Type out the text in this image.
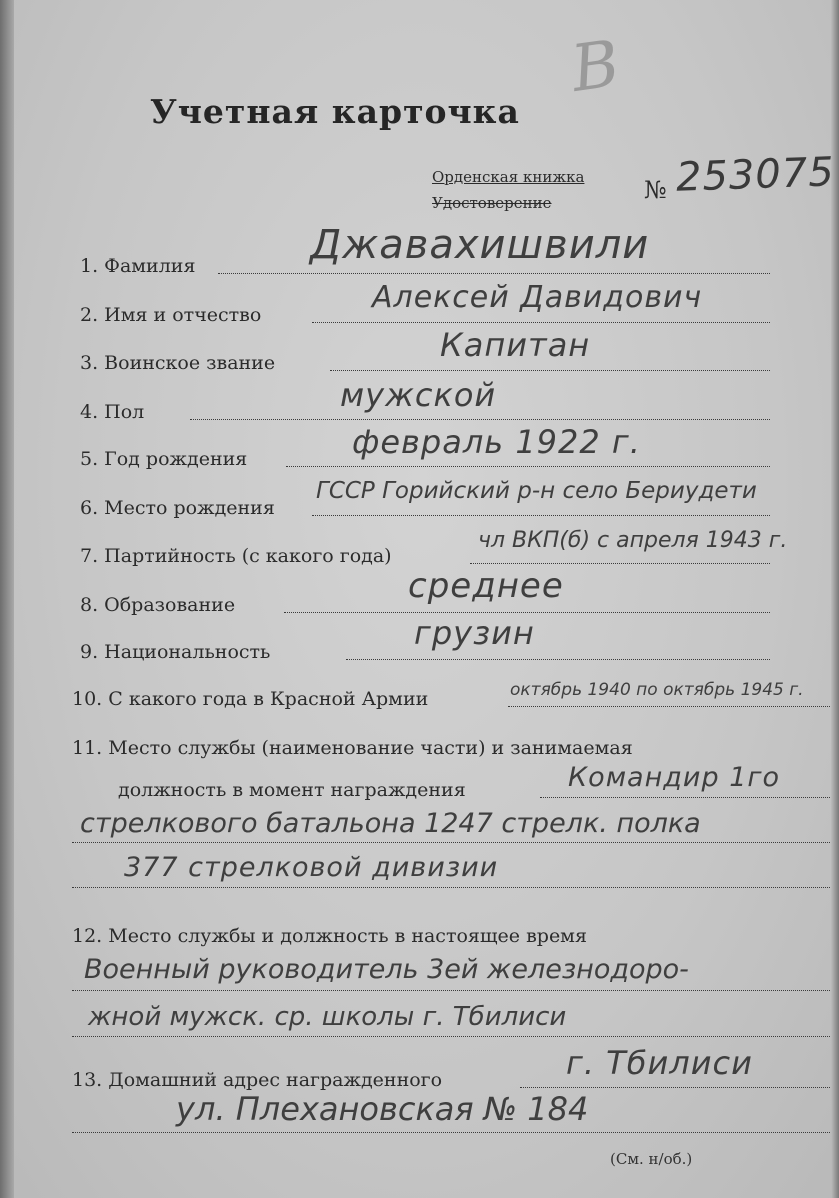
Учетная карточка
В
Орденская книжка
Удостоверение	№ 253075
1. Фамилия	Джавахишвили
2. Имя и отчество	Алексей Давидович
3. Воинское звание	Капитан
4. Пол	мужской
5. Год рождения	февраль 1922 г.
6. Место рождения
ГССР Горийский р-н село Бериудети
7. Партийность (с какого года)
чл ВКП(б) с апреля 1943 г.
8. Образование	среднее
9. Национальность	грузин
10. С какого года в Красной Армии	октябрь 1940 по октябрь 1945 г.
11. Место службы (наименование части) и занимаемая
должность в момент награждения	Командир 1го
стрелкового батальона 1247 стрелк. полка
377 стрелковой дивизии
12. Место службы и должность в настоящее время
Военный руководитель 3ей железнодоро-
жной мужск. ср. школы г. Тбилиси
13. Домашний адрес награжденного	г. Тбилиси
ул. Плехановская № 184
(См. н/об.)
